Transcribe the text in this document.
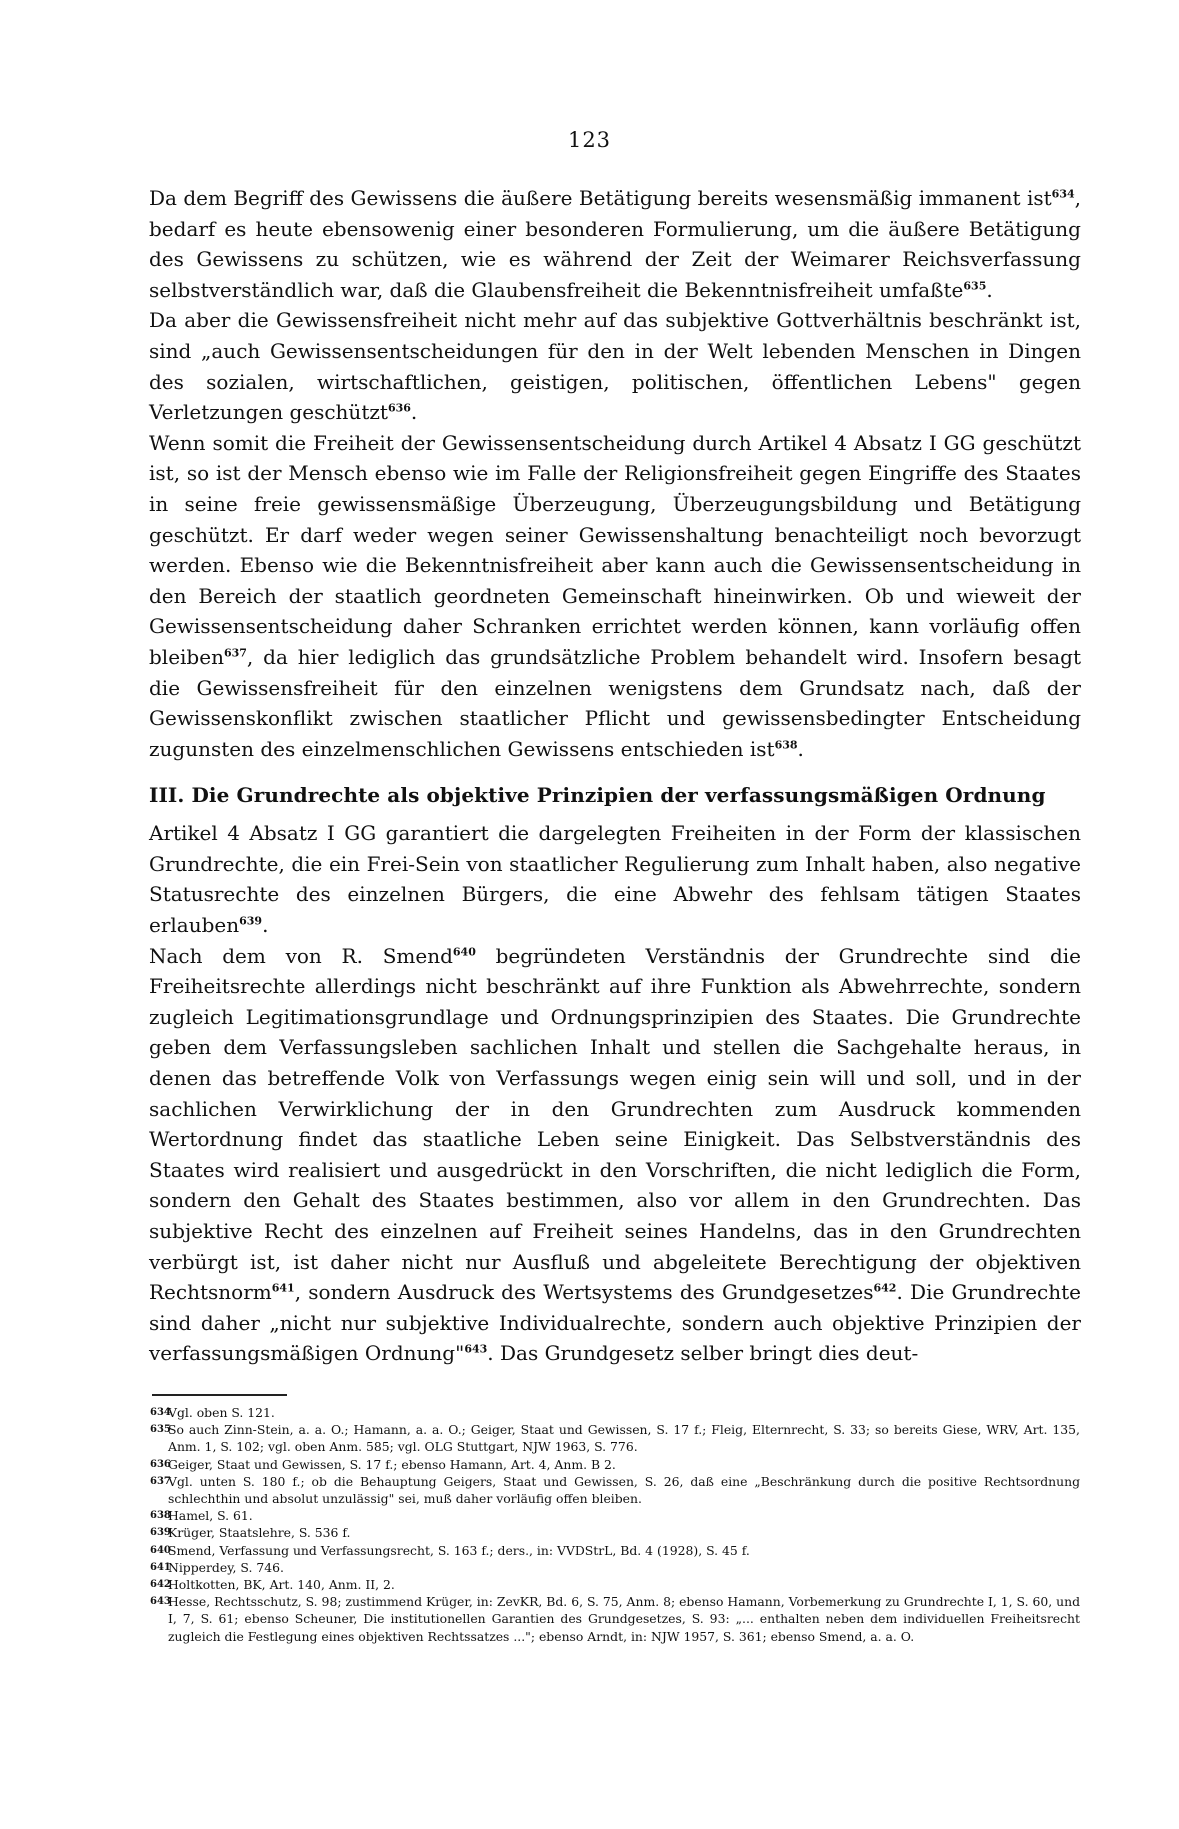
123

Da dem Begriff des Gewissens die äußere Betätigung bereits wesensmäßig immanent ist$^{634}$, bedarf es heute ebensowenig einer besonderen Formulierung, um die äußere Betätigung des Gewissens zu schützen, wie es während der Zeit der Weimarer Reichsverfassung selbstverständlich war, daß die Glaubensfreiheit die Bekenntnisfreiheit umfaßte$^{635}$.

Da aber die Gewissensfreiheit nicht mehr auf das subjektive Gottverhältnis beschränkt ist, sind „auch Gewissensentscheidungen für den in der Welt lebenden Menschen in Dingen des sozialen, wirtschaftlichen, geistigen, politischen, öffentlichen Lebens" gegen Verletzungen geschützt$^{636}$.

Wenn somit die Freiheit der Gewissensentscheidung durch Artikel 4 Absatz I GG geschützt ist, so ist der Mensch ebenso wie im Falle der Religionsfreiheit gegen Eingriffe des Staates in seine freie gewissensmäßige Überzeugung, Überzeugungsbildung und Betätigung geschützt. Er darf weder wegen seiner Gewissenshaltung benachteiligt noch bevorzugt werden. Ebenso wie die Bekenntnisfreiheit aber kann auch die Gewissensentscheidung in den Bereich der staatlich geordneten Gemeinschaft hineinwirken. Ob und wieweit der Gewissensentscheidung daher Schranken errichtet werden können, kann vorläufig offen bleiben$^{637}$, da hier lediglich das grundsätzliche Problem behandelt wird. Insofern besagt die Gewissensfreiheit für den einzelnen wenigstens dem Grundsatz nach, daß der Gewissenskonflikt zwischen staatlicher Pflicht und gewissensbedingter Entscheidung zugunsten des einzelmenschlichen Gewissens entschieden ist$^{638}$.

III. Die Grundrechte als objektive Prinzipien der verfassungsmäßigen Ordnung

Artikel 4 Absatz I GG garantiert die dargelegten Freiheiten in der Form der klassischen Grundrechte, die ein Frei-Sein von staatlicher Regulierung zum Inhalt haben, also negative Statusrechte des einzelnen Bürgers, die eine Abwehr des fehlsam tätigen Staates erlauben$^{639}$.

Nach dem von R. Smend$^{640}$ begründeten Verständnis der Grundrechte sind die Freiheitsrechte allerdings nicht beschränkt auf ihre Funktion als Abwehrrechte, sondern zugleich Legitimationsgrundlage und Ordnungsprinzipien des Staates. Die Grundrechte geben dem Verfassungsleben sachlichen Inhalt und stellen die Sachgehalte heraus, in denen das betreffende Volk von Verfassungs wegen einig sein will und soll, und in der sachlichen Verwirklichung der in den Grundrechten zum Ausdruck kommenden Wertordnung findet das staatliche Leben seine Einigkeit. Das Selbstverständnis des Staates wird realisiert und ausgedrückt in den Vorschriften, die nicht lediglich die Form, sondern den Gehalt des Staates bestimmen, also vor allem in den Grundrechten. Das subjektive Recht des einzelnen auf Freiheit seines Handelns, das in den Grundrechten verbürgt ist, ist daher nicht nur Ausfluß und abgeleitete Berechtigung der objektiven Rechtsnorm$^{641}$, sondern Ausdruck des Wertsystems des Grundgesetzes$^{642}$. Die Grundrechte sind daher „nicht nur subjektive Individualrechte, sondern auch objektive Prinzipien der verfassungsmäßigen Ordnung"$^{643}$. Das Grundgesetz selber bringt dies deut-

634
Vgl. oben S. 121.
635
So auch Zinn-Stein, a. a. O.; Hamann, a. a. O.; Geiger, Staat und Gewissen, S. 17 f.; Fleig, Elternrecht, S. 33; so bereits Giese, WRV, Art. 135, Anm. 1, S. 102; vgl. oben Anm. 585; vgl. OLG Stuttgart, NJW 1963, S. 776.
636
Geiger, Staat und Gewissen, S. 17 f.; ebenso Hamann, Art. 4, Anm. B 2.
637
Vgl. unten S. 180 f.; ob die Behauptung Geigers, Staat und Gewissen, S. 26, daß eine „Beschränkung durch die positive Rechtsordnung schlechthin und absolut unzulässig" sei, muß daher vorläufig offen bleiben.
638
Hamel, S. 61.
639
Krüger, Staatslehre, S. 536 f.
640
Smend, Verfassung und Verfassungsrecht, S. 163 f.; ders., in: VVDStrL, Bd. 4 (1928), S. 45 f.
641
Nipperdey, S. 746.
642
Holtkotten, BK, Art. 140, Anm. II, 2.
643
Hesse, Rechtsschutz, S. 98; zustimmend Krüger, in: ZevKR, Bd. 6, S. 75, Anm. 8; ebenso Hamann, Vorbemerkung zu Grundrechte I, 1, S. 60, und I, 7, S. 61; ebenso Scheuner, Die institutionellen Garantien des Grundgesetzes, S. 93: „... enthalten neben dem individuellen Freiheitsrecht zugleich die Festlegung eines objektiven Rechtssatzes ..."; ebenso Arndt, in: NJW 1957, S. 361; ebenso Smend, a. a. O.
